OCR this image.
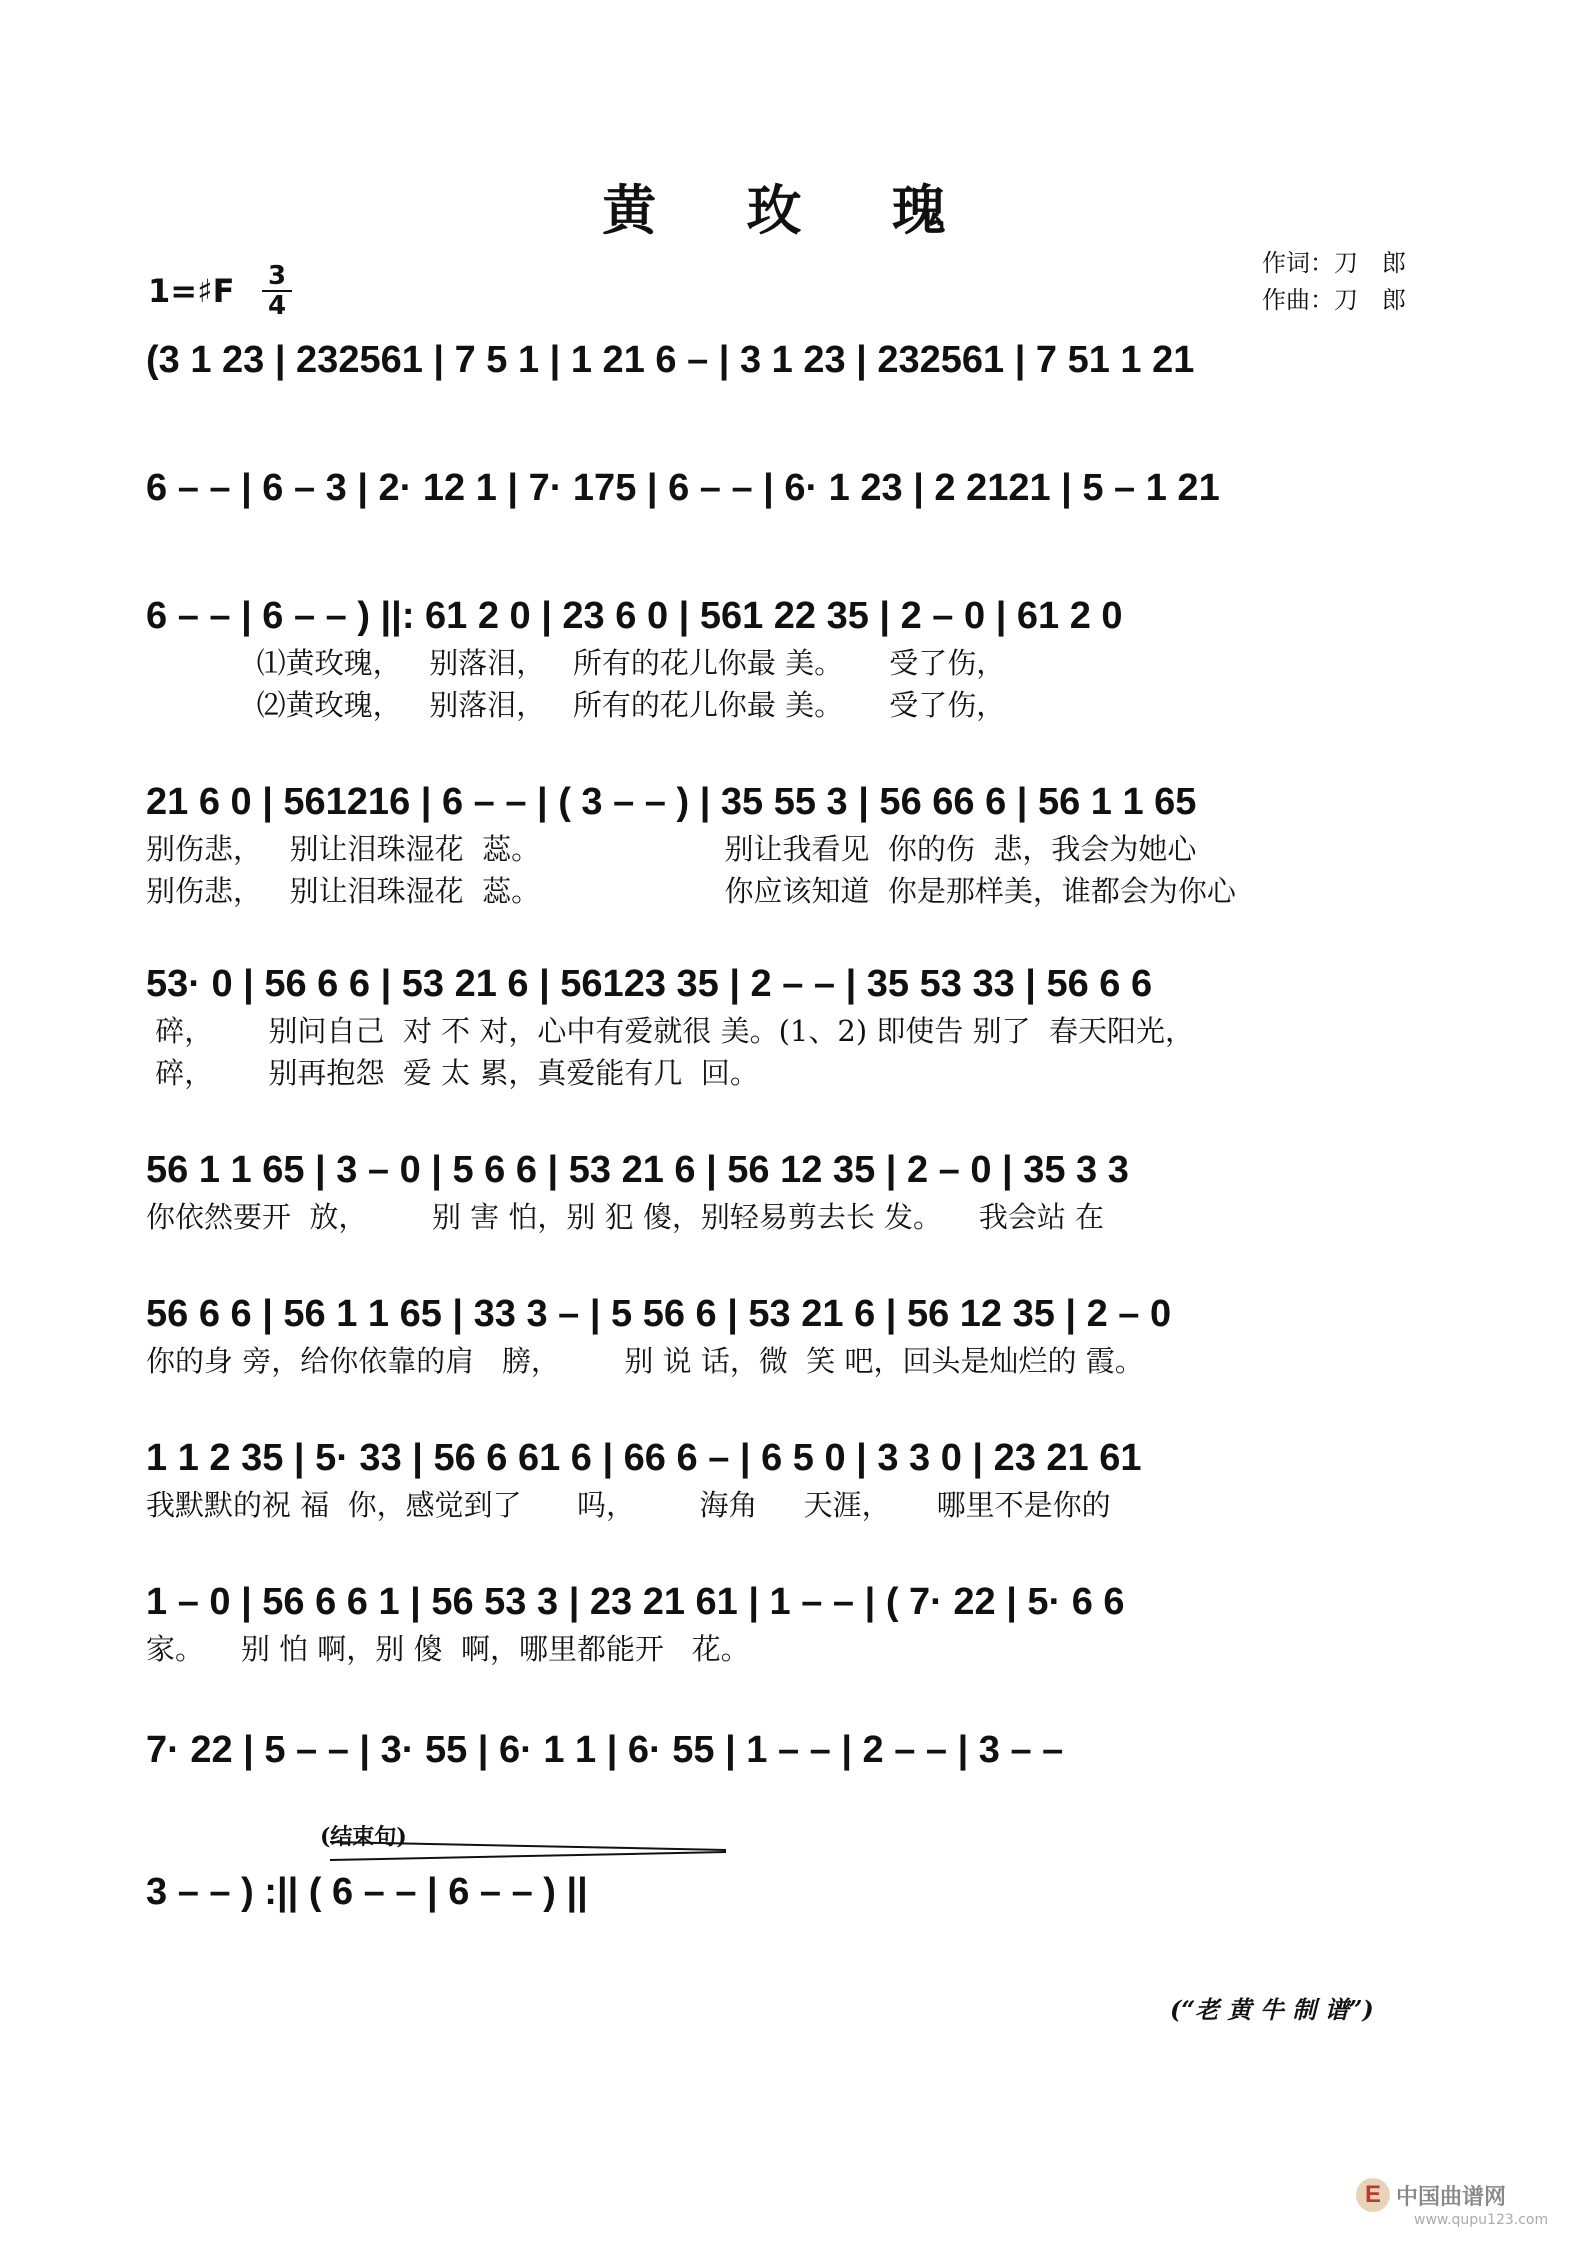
黄 玫 瑰
作词：刀　郎
作曲：刀　郎
1=♯F 3
4
(3 1 23 | 232561 | 7 5 1 | 1 21 6 – | 3 1 23 | 232561 | 7 51 1 21
6 – – | 6 – 3 | 2· 12 1 | 7· 175 | 6 – – | 6· 1 23 | 2 2121 | 5 – 1 21
6 – – | 6 – – ) ||: 61 2 0 | 23 6 0 | 561 22 35 | 2 – 0 | 61 2 0
⑴黄玫瑰，   别落泪，   所有的花儿你最 美。     受了伤，
⑵黄玫瑰，   别落泪，   所有的花儿你最 美。     受了伤，
21 6 0 | 561216 | 6 – – | ( 3 – – ) | 35 55 3 | 56 66 6 | 56 1 1 65
别伤悲，   别让泪珠湿花  蕊。                    别让我看见  你的伤  悲，我会为她心
别伤悲，   别让泪珠湿花  蕊。                    你应该知道  你是那样美，谁都会为你心
53· 0 | 56 6 6 | 53 21 6 | 56123 35 | 2 – – | 35 53 33 | 56 6 6
碎，      别问自己  对 不 对，心中有爱就很 美。(1、2) 即使告 别了  春天阳光，
碎，      别再抱怨  爱 太 累，真爱能有几  回。
56 1 1 65 | 3 – 0 | 5 6 6 | 53 21 6 | 56 12 35 | 2 – 0 | 35 3 3
你依然要开  放，       别 害 怕，别 犯 傻，别轻易剪去长 发。    我会站 在
56 6 6 | 56 1 1 65 | 33 3 – | 5 56 6 | 53 21 6 | 56 12 35 | 2 – 0
你的身 旁，给你依靠的肩   膀，       别 说 话，微  笑 吧，回头是灿烂的 霞。
1 1 2 35 | 5· 33 | 56 6 61 6 | 66 6 – | 6 5 0 | 3 3 0 | 23 21 61
我默默的祝 福  你，感觉到了      吗，       海角     天涯，     哪里不是你的
1 – 0 | 56 6 6 1 | 56 53 3 | 23 21 61 | 1 – – | ( 7· 22 | 5· 6 6
家。    别 怕 啊，别 傻  啊，哪里都能开   花。
7· 22 | 5 – – | 3· 55 | 6· 1 1 | 6· 55 | 1 – – | 2 – – | 3 – –
(结束句)
3 – – ) :|| ( 6 – – | 6 – – ) ||
(“老 黄 牛 制 谱”)
E 中国曲谱网
www.qupu123.com
